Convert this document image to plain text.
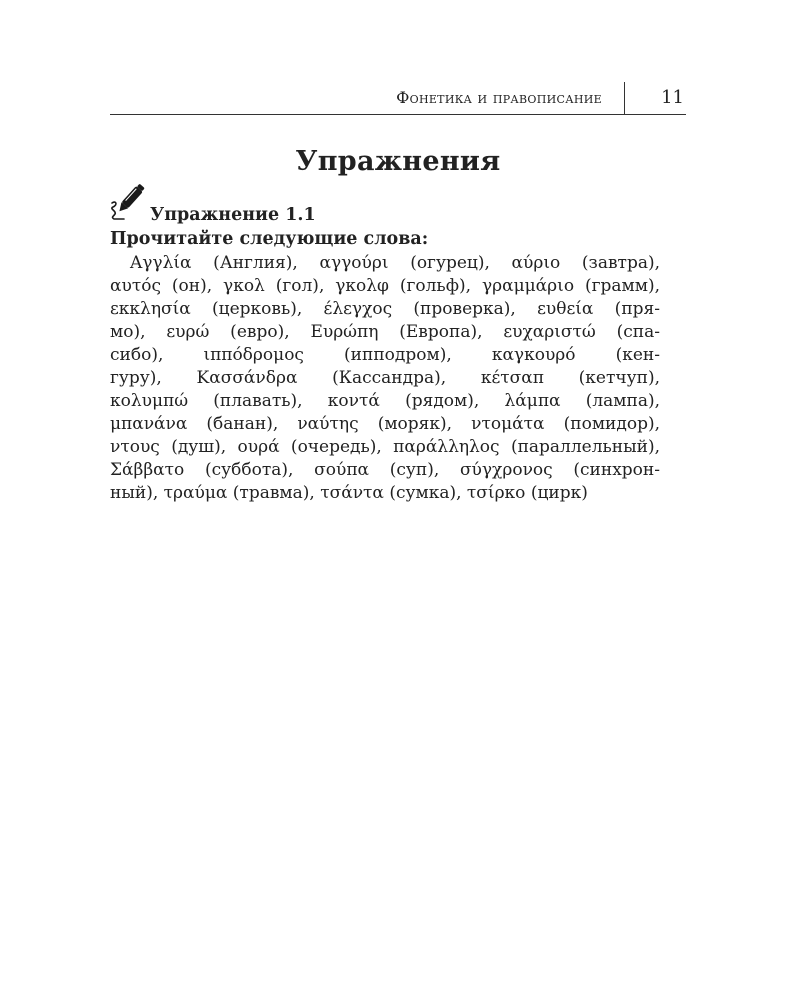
Фонетика и правописание	11
Упражнения
Упражнение 1.1
Прочитайте следующие слова:
Αγγλία (Англия), αγγούρι (огурец), αύριο (завтра),
αυτός (он), γκολ (гол), γκολφ (гольф), γραμμάριο (грамм),
εκκλησία (церковь), έλεγχος (проверка), ευθεία (пря-
мо), ευρώ (евро), Ευρώπη (Европа), ευχαριστώ (спа-
сибо), ιππόδρομος (ипподром), καγκουρό (кен-
гуру), Κασσάνδρα (Кассандра), κέτσαπ (кетчуп),
κολυμπώ (плавать), κοντά (рядом), λάμπα (лампа),
μπανάνα (банан), ναύτης (моряк), ντομάτα (помидор),
ντους (душ), ουρά (очередь), παράλληλος (параллельный),
Σάββατο (суббота), σούπα (суп), σύγχρονος (синхрон-
ный), τραύμα (травма), τσάντα (сумка), τσίρκο (цирк)
